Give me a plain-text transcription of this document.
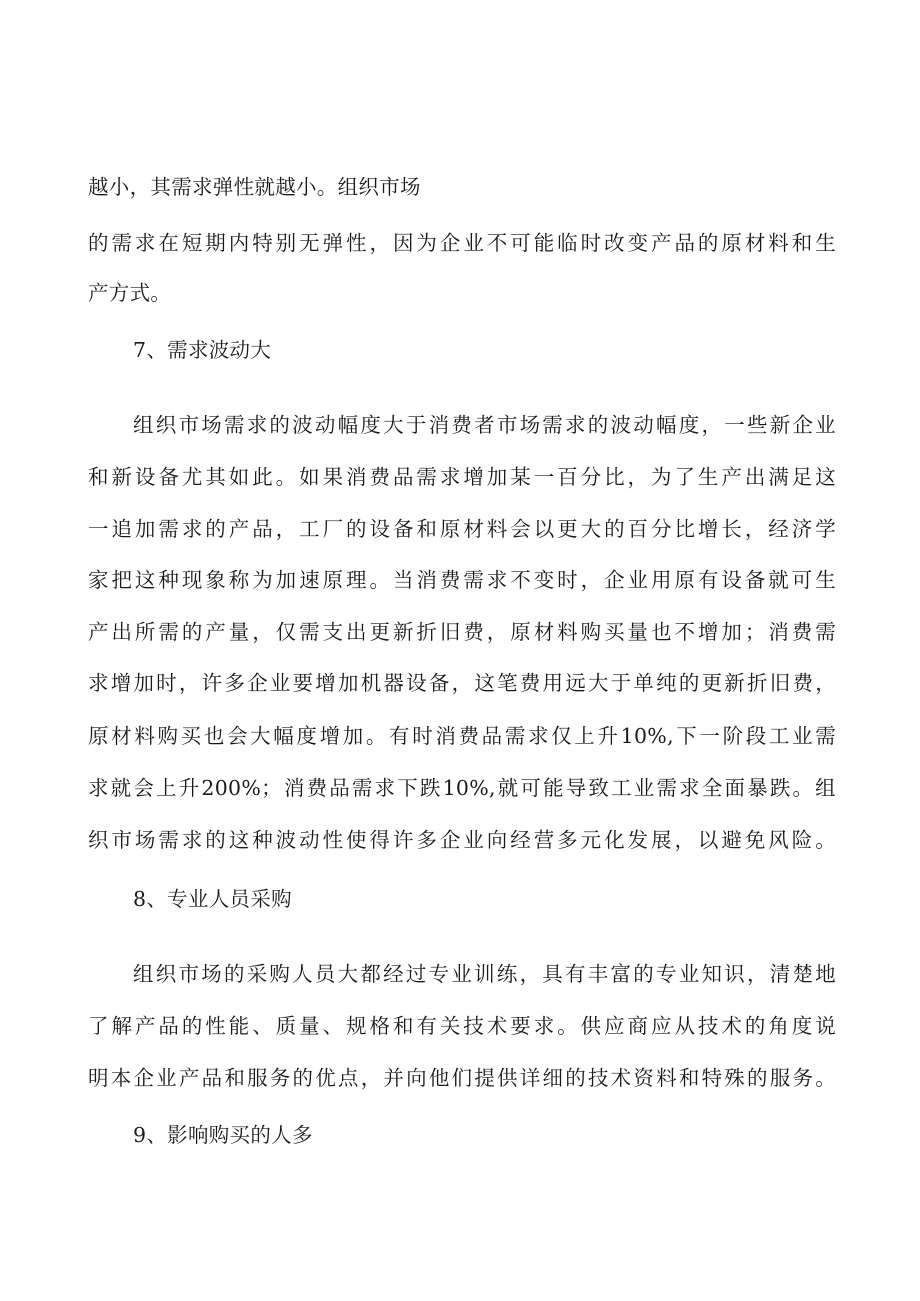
越小，其需求弹性就越小。组织市场
的需求在短期内特别无弹性，因为企业不可能临时改变产品的原材料和生
产方式。
7、需求波动大
组织市场需求的波动幅度大于消费者市场需求的波动幅度，一些新企业
和新设备尤其如此。如果消费品需求增加某一百分比，为了生产出满足这
一追加需求的产品，工厂的设备和原材料会以更大的百分比增长，经济学
家把这种现象称为加速原理。当消费需求不变时，企业用原有设备就可生
产出所需的产量，仅需支出更新折旧费，原材料购买量也不增加；消费需
求增加时，许多企业要增加机器设备，这笔费用远大于单纯的更新折旧费，
原材料购买也会大幅度增加。有时消费品需求仅上升10%,下一阶段工业需
求就会上升200%；消费品需求下跌10%,就可能导致工业需求全面暴跌。组
织市场需求的这种波动性使得许多企业向经营多元化发展，以避免风险。
8、专业人员采购
组织市场的采购人员大都经过专业训练，具有丰富的专业知识，清楚地
了解产品的性能、质量、规格和有关技术要求。供应商应从技术的角度说
明本企业产品和服务的优点，并向他们提供详细的技术资料和特殊的服务。
9、影响购买的人多
